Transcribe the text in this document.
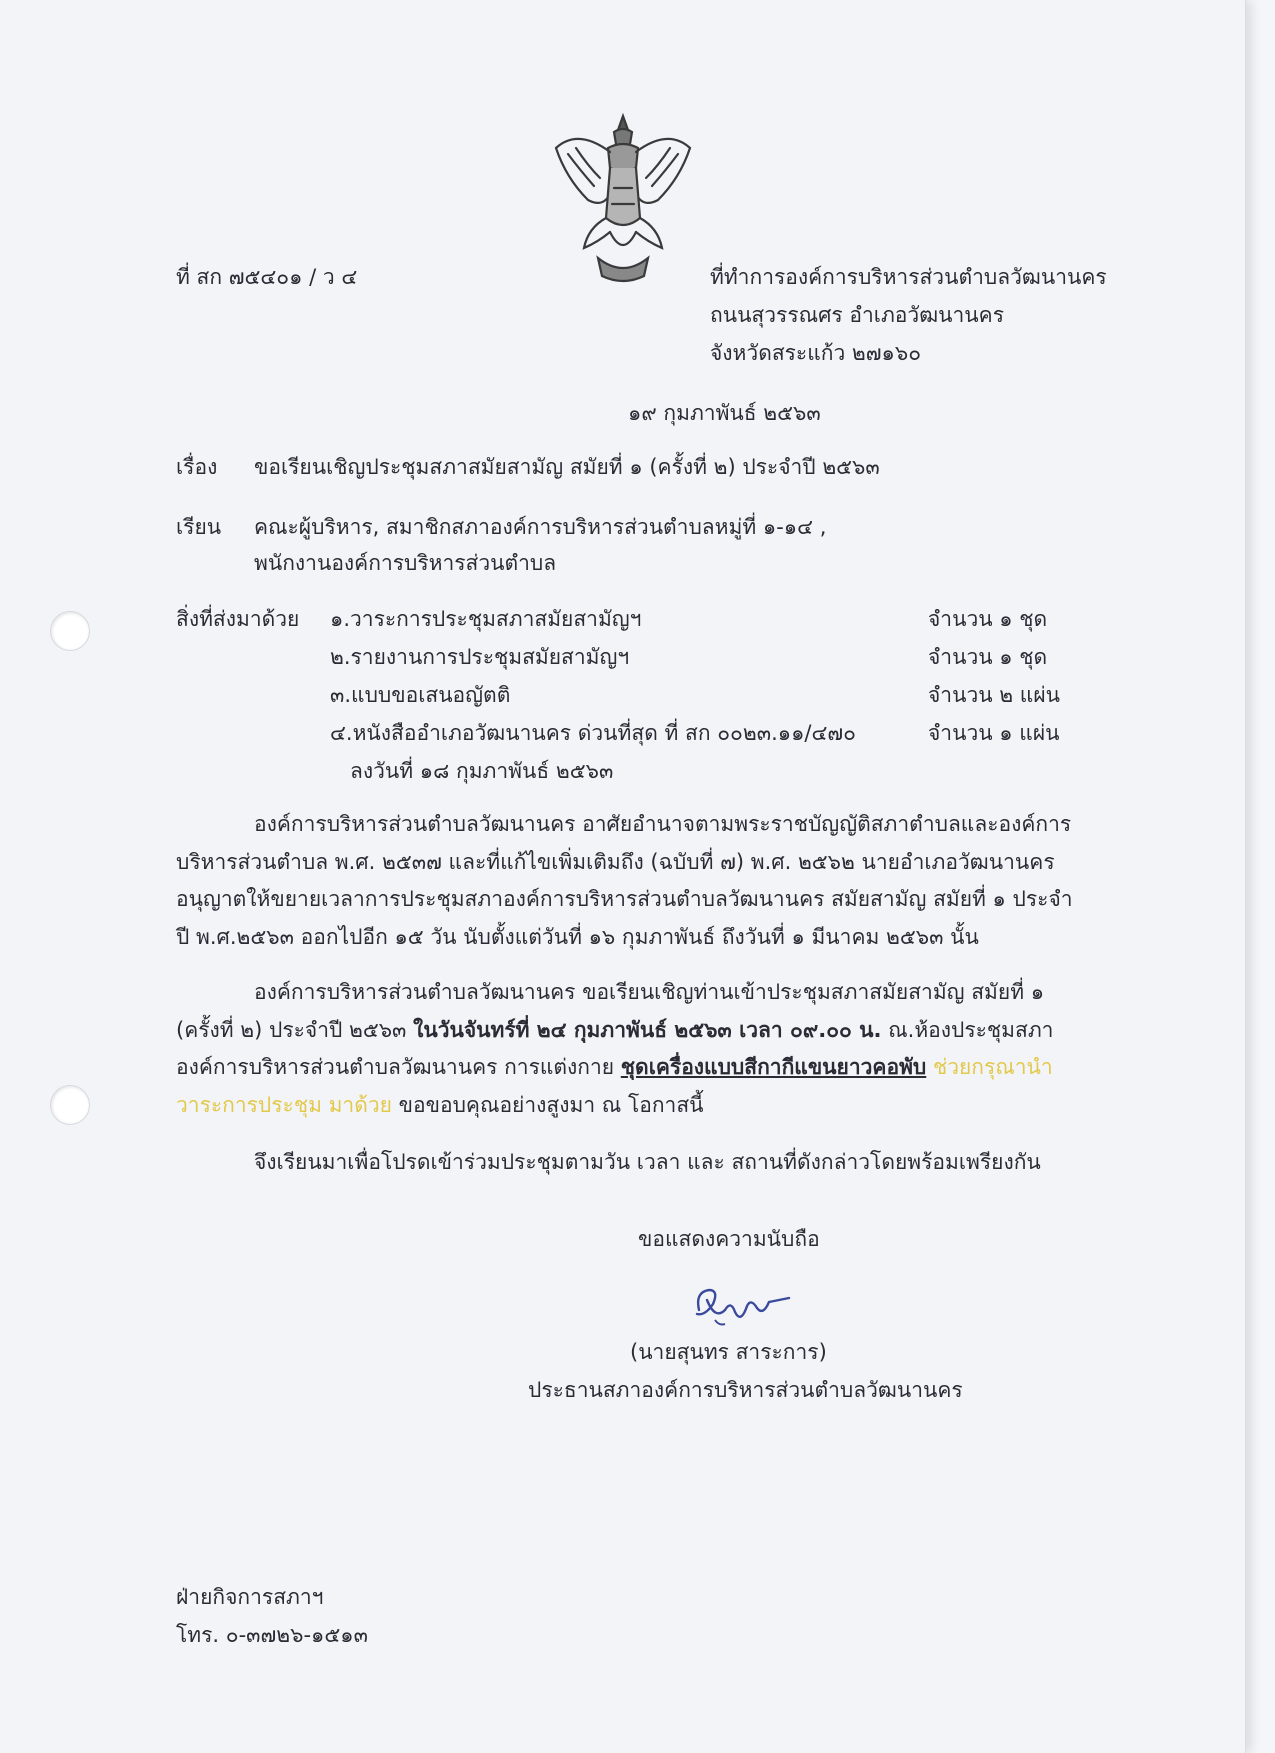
ที่ สก ๗๕๔๐๑ / ว ๔	ที่ทำการองค์การบริหารส่วนตำบลวัฒนานคร
ถนนสุวรรณศร อำเภอวัฒนานคร
จังหวัดสระแก้ว ๒๗๑๖๐
๑๙ กุมภาพันธ์ ๒๕๖๓
เรื่อง ขอเรียนเชิญประชุมสภาสมัยสามัญ สมัยที่ ๑ (ครั้งที่ ๒) ประจำปี ๒๕๖๓
เรียน คณะผู้บริหาร, สมาชิกสภาองค์การบริหารส่วนตำบลหมู่ที่ ๑-๑๔ ,
พนักงานองค์การบริหารส่วนตำบล
สิ่งที่ส่งมาด้วย ๑.วาระการประชุมสภาสมัยสามัญฯ	จำนวน ๑ ชุด
๒.รายงานการประชุมสมัยสามัญฯ	จำนวน ๑ ชุด
๓.แบบขอเสนอญัตติ	จำนวน ๒ แผ่น
๔.หนังสืออำเภอวัฒนานคร ด่วนที่สุด ที่ สก ๐๐๒๓.๑๑/๔๗๐	จำนวน ๑ แผ่น
ลงวันที่ ๑๘ กุมภาพันธ์ ๒๕๖๓
องค์การบริหารส่วนตำบลวัฒนานคร อาศัยอำนาจตามพระราชบัญญัติสภาตำบลและองค์การบริหารส่วนตำบล พ.ศ. ๒๕๓๗ และที่แก้ไขเพิ่มเติมถึง (ฉบับที่ ๗) พ.ศ. ๒๕๖๒ นายอำเภอวัฒนานคร อนุญาตให้ขยายเวลาการประชุมสภาองค์การบริหารส่วนตำบลวัฒนานคร สมัยสามัญ สมัยที่ ๑ ประจำปี พ.ศ.๒๕๖๓ ออกไปอีก ๑๕ วัน นับตั้งแต่วันที่ ๑๖ กุมภาพันธ์ ถึงวันที่ ๑ มีนาคม ๒๕๖๓ นั้น
องค์การบริหารส่วนตำบลวัฒนานคร ขอเรียนเชิญท่านเข้าประชุมสภาสมัยสามัญ สมัยที่ ๑ (ครั้งที่ ๒) ประจำปี ๒๕๖๓ ในวันจันทร์ที่ ๒๔ กุมภาพันธ์ ๒๕๖๓ เวลา ๐๙.๐๐ น. ณ.ห้องประชุมสภาองค์การบริหารส่วนตำบลวัฒนานคร การแต่งกาย ชุดเครื่องแบบสีกากีแขนยาวคอพับ ช่วยกรุณานำวาระการประชุม มาด้วย ขอขอบคุณอย่างสูงมา ณ โอกาสนี้
จึงเรียนมาเพื่อโปรดเข้าร่วมประชุมตามวัน เวลา และ สถานที่ดังกล่าวโดยพร้อมเพรียงกัน
ขอแสดงความนับถือ
(นายสุนทร สาระการ)
ประธานสภาองค์การบริหารส่วนตำบลวัฒนานคร
ฝ่ายกิจการสภาฯ
โทร. ๐-๓๗๒๖-๑๕๑๓
